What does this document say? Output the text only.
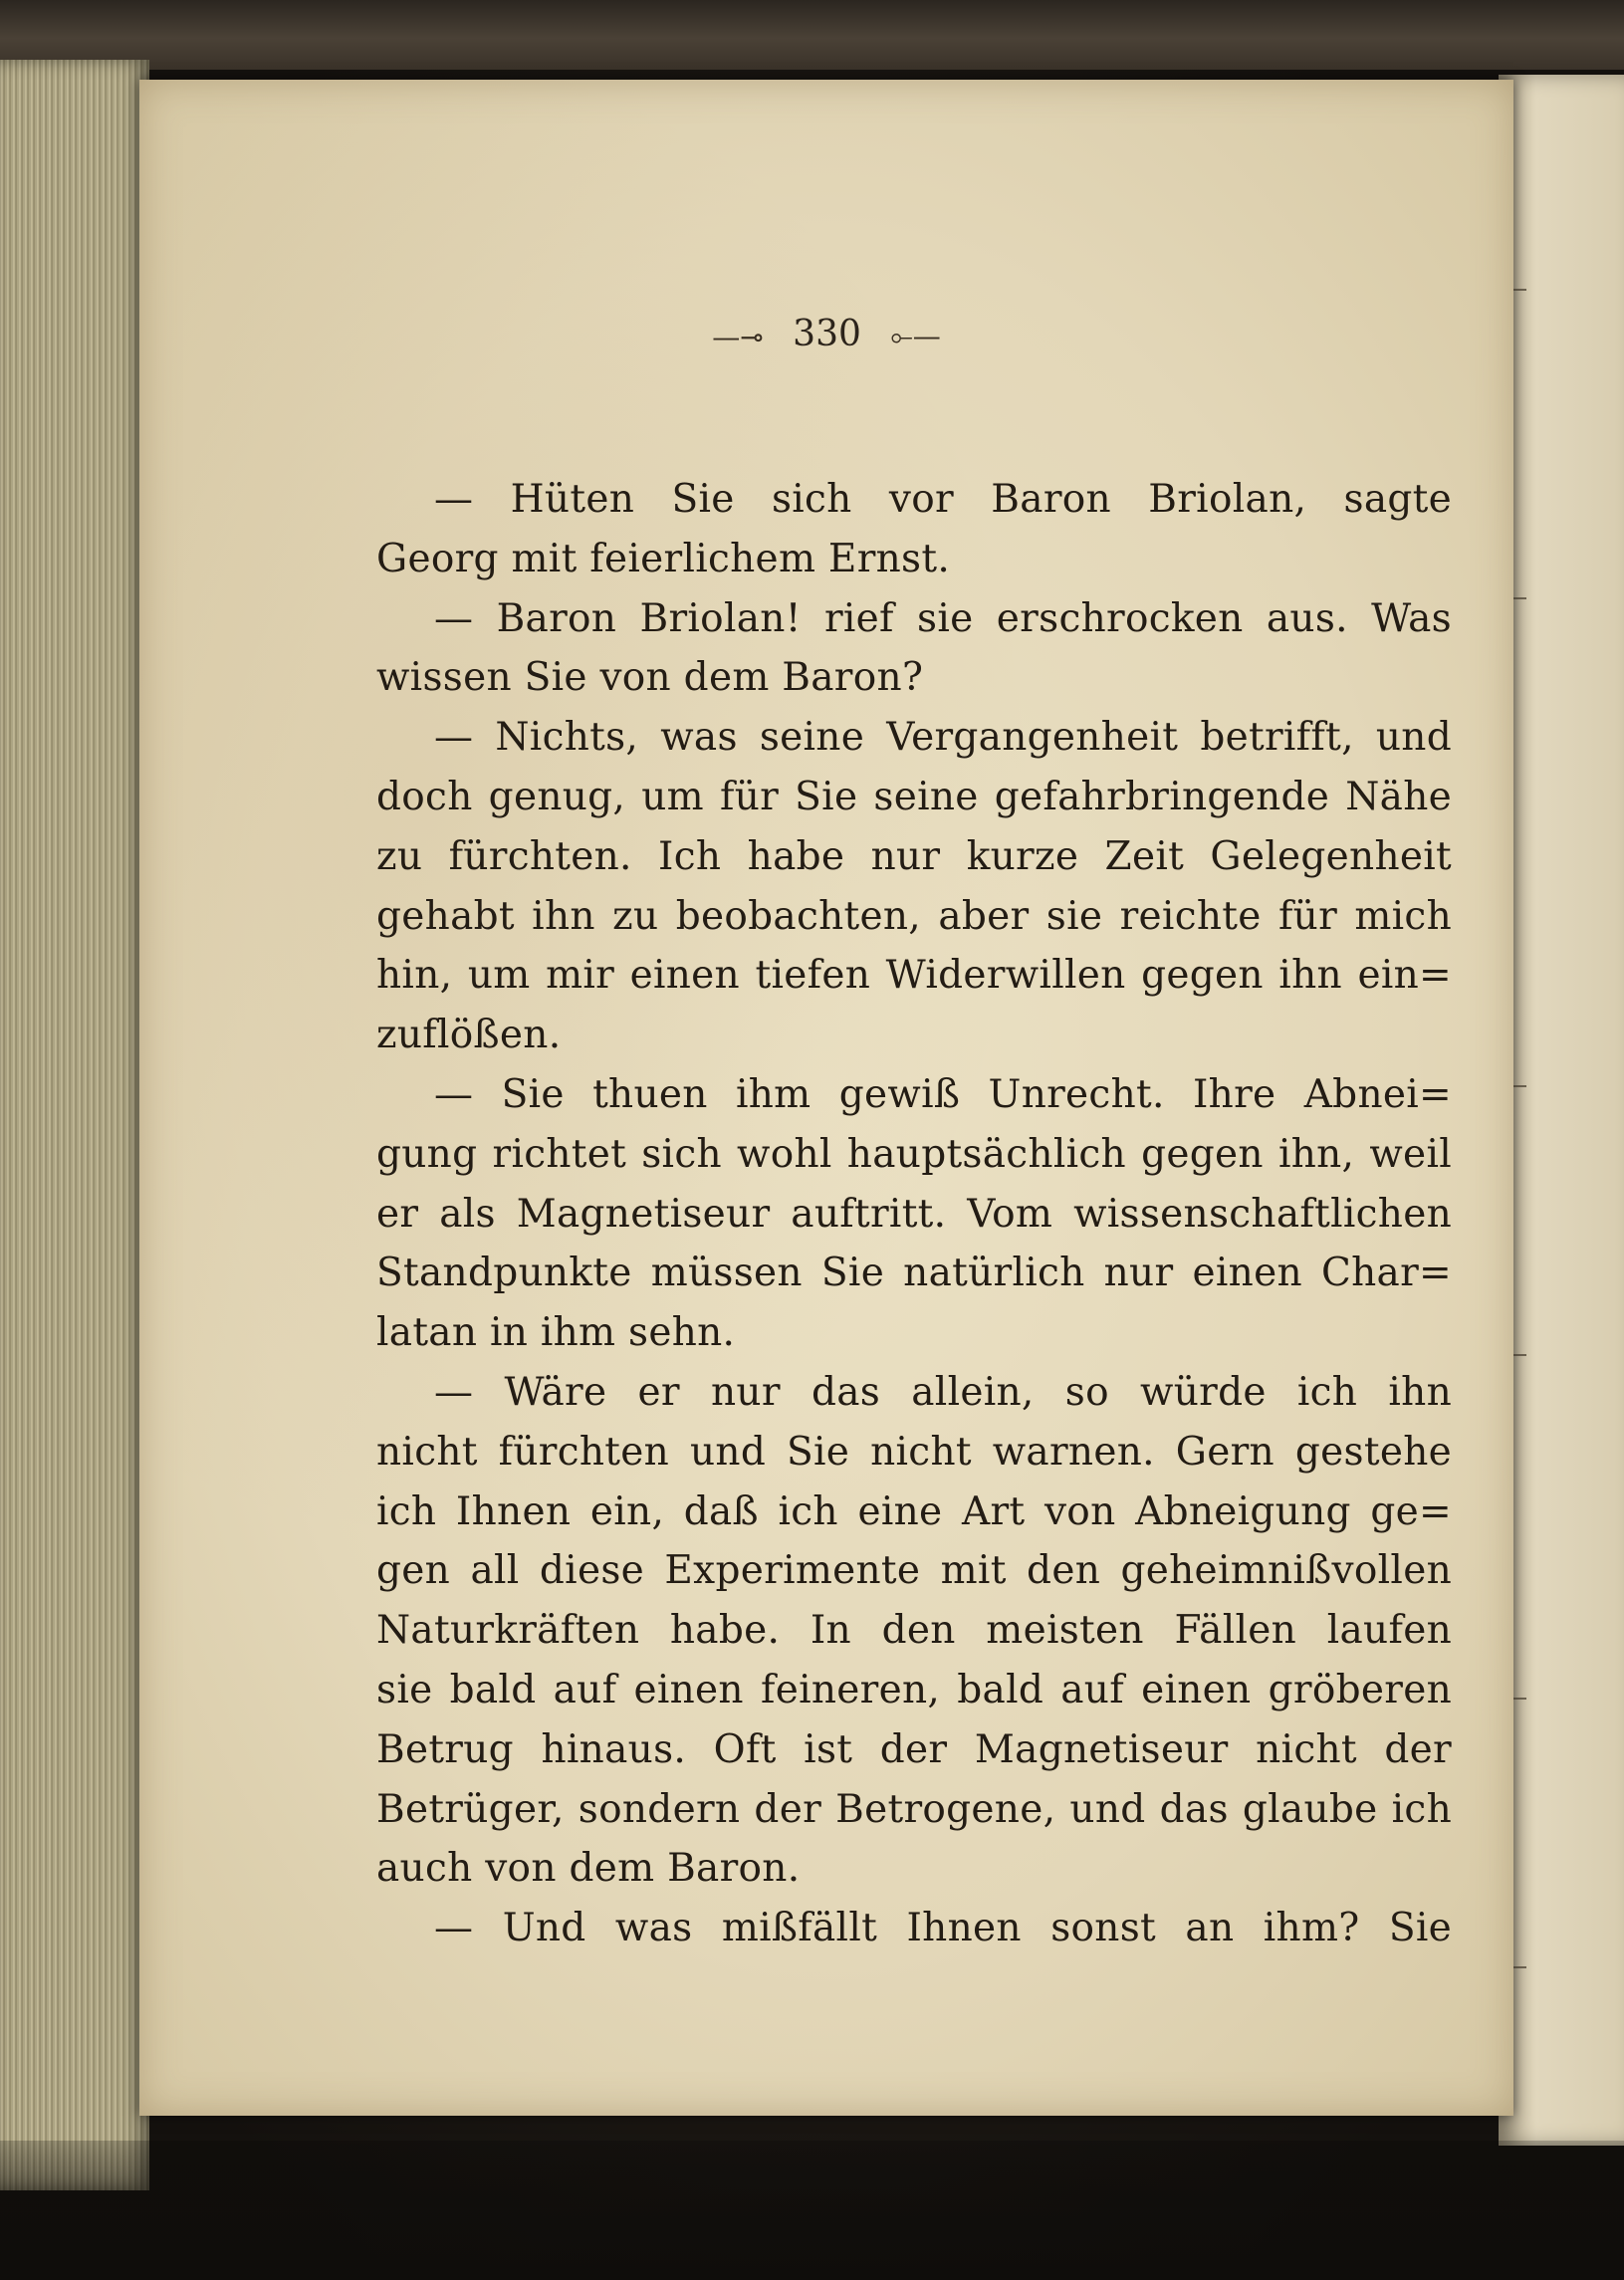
—⊸ 330 ⟜—
— Hüten Sie sich vor Baron Briolan, sagte
Georg mit feierlichem Ernst.
— Baron Briolan! rief sie erschrocken aus. Was
wissen Sie von dem Baron?
— Nichts, was seine Vergangenheit betrifft, und
doch genug, um für Sie seine gefahrbringende Nähe
zu fürchten. Ich habe nur kurze Zeit Gelegenheit
gehabt ihn zu beobachten, aber sie reichte für mich
hin, um mir einen tiefen Widerwillen gegen ihn ein=
zuflößen.
— Sie thuen ihm gewiß Unrecht. Ihre Abnei=
gung richtet sich wohl hauptsächlich gegen ihn, weil
er als Magnetiseur auftritt. Vom wissenschaftlichen
Standpunkte müssen Sie natürlich nur einen Char=
latan in ihm sehn.
— Wäre er nur das allein, so würde ich ihn
nicht fürchten und Sie nicht warnen. Gern gestehe
ich Ihnen ein, daß ich eine Art von Abneigung ge=
gen all diese Experimente mit den geheimnißvollen
Naturkräften habe. In den meisten Fällen laufen
sie bald auf einen feineren, bald auf einen gröberen
Betrug hinaus. Oft ist der Magnetiseur nicht der
Betrüger, sondern der Betrogene, und das glaube ich
auch von dem Baron.
— Und was mißfällt Ihnen sonst an ihm? Sie
